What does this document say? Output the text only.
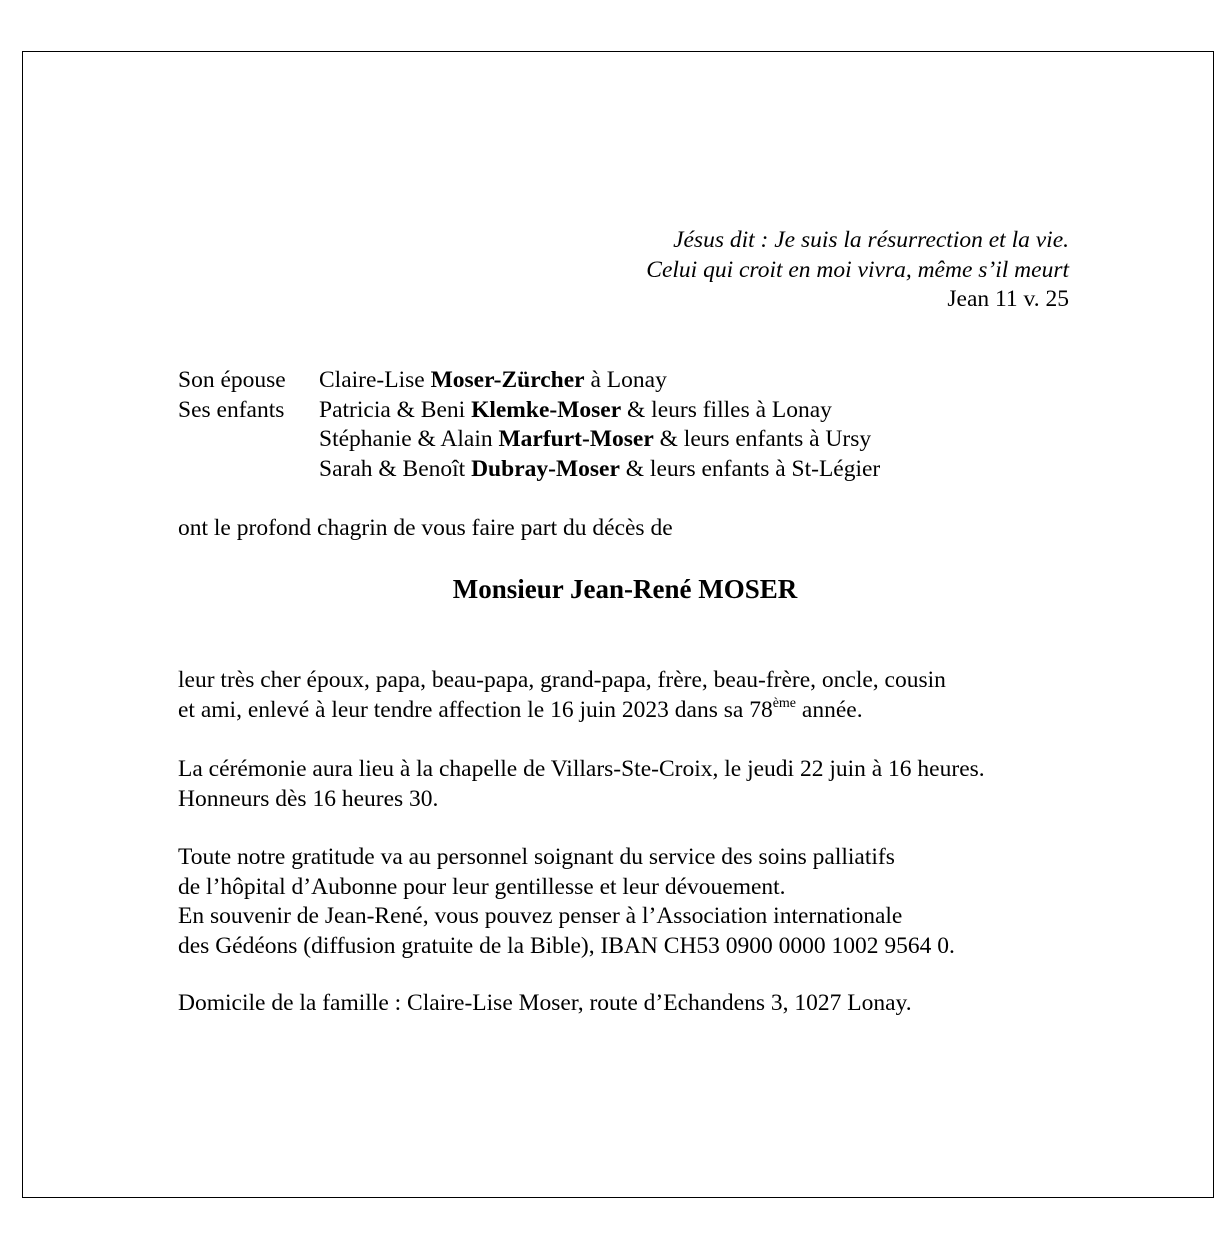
Jésus dit : Je suis la résurrection et la vie.
Celui qui croit en moi vivra, même s’il meurt
Jean 11 v. 25
Son épouse	Claire-Lise Moser-Zürcher à Lonay
Ses enfants	Patricia & Beni Klemke-Moser & leurs filles à Lonay
Stéphanie & Alain Marfurt-Moser & leurs enfants à Ursy
Sarah & Benoît Dubray-Moser & leurs enfants à St-Légier
ont le profond chagrin de vous faire part du décès de
Monsieur Jean-René MOSER
leur très cher époux, papa, beau-papa, grand-papa, frère, beau-frère, oncle, cousin
et ami, enlevé à leur tendre affection le 16 juin 2023 dans sa 78ème année.
La cérémonie aura lieu à la chapelle de Villars-Ste-Croix, le jeudi 22 juin à 16 heures.
Honneurs dès 16 heures 30.
Toute notre gratitude va au personnel soignant du service des soins palliatifs
de l’hôpital d’Aubonne pour leur gentillesse et leur dévouement.
En souvenir de Jean-René, vous pouvez penser à l’Association internationale
des Gédéons (diffusion gratuite de la Bible), IBAN CH53 0900 0000 1002 9564 0.
Domicile de la famille : Claire-Lise Moser, route d’Echandens 3, 1027 Lonay.
